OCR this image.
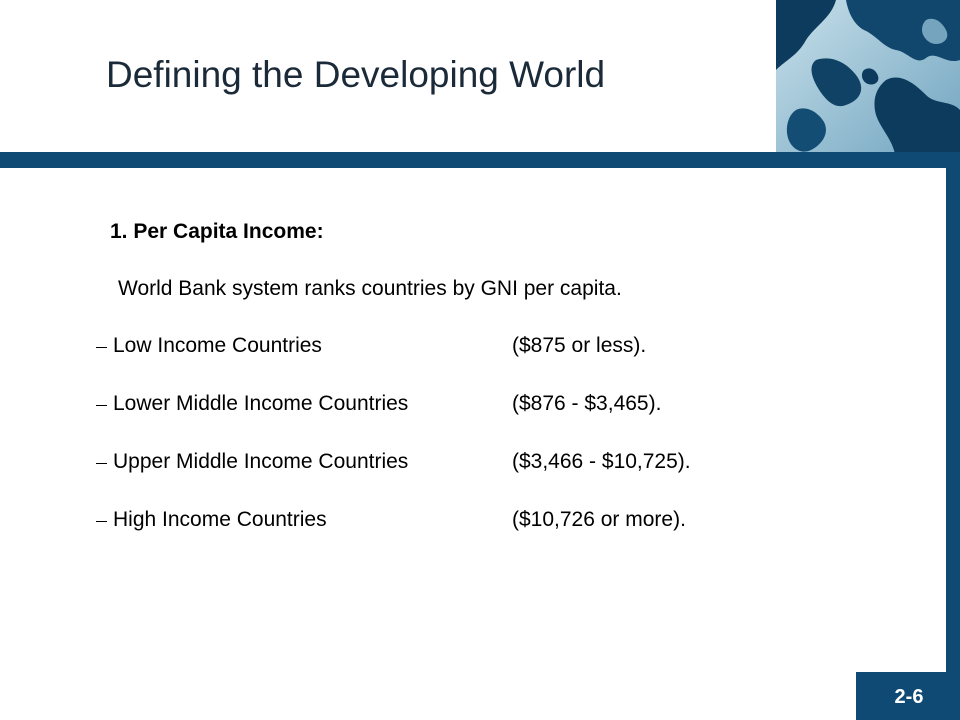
Defining the Developing World
1. Per Capita Income:
World Bank system ranks countries by GNI per capita.
Low Income Countries	($875 or less).
Lower Middle Income Countries	($876 - $3,465).
Upper Middle Income Countries	($3,466 - $10,725).
High Income Countries	($10,726 or more).
2-6
